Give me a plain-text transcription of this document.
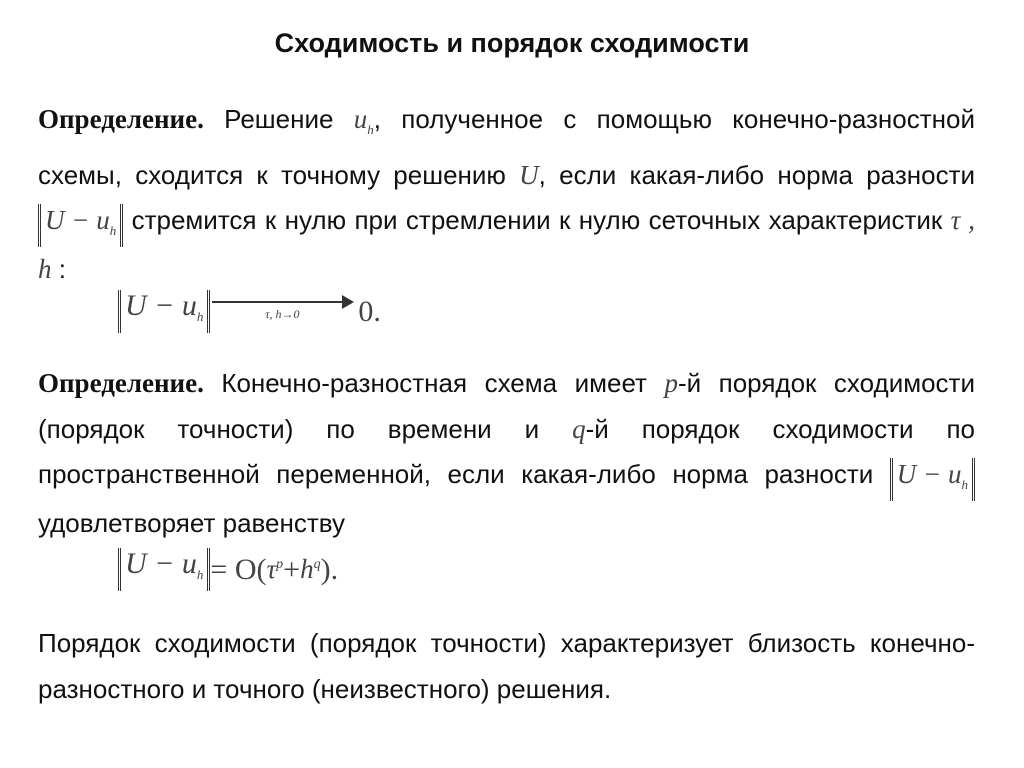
Сходимость и порядок сходимости
Определение. Решение $u_h$, полученное с помощью конечно-разностной схемы, сходится к точному решению U, если какая-либо норма разности $U - u_h$ стремится к нулю при стремлении к нулю сеточных характеристик τ , h :
$U - u_h$	τ, h→0 0.
Определение. Конечно-разностная схема имеет p-й порядок сходимости (порядок точности) по времени и q-й порядок сходимости по пространственной переменной, если какая-либо норма разности $U - u_h$ удовлетворяет равенству
$U - u_h = O$( $\tau^p + h^q$ ).
Порядок сходимости (порядок точности) характеризует близость конечно-разностного и точного (неизвестного) решения.
